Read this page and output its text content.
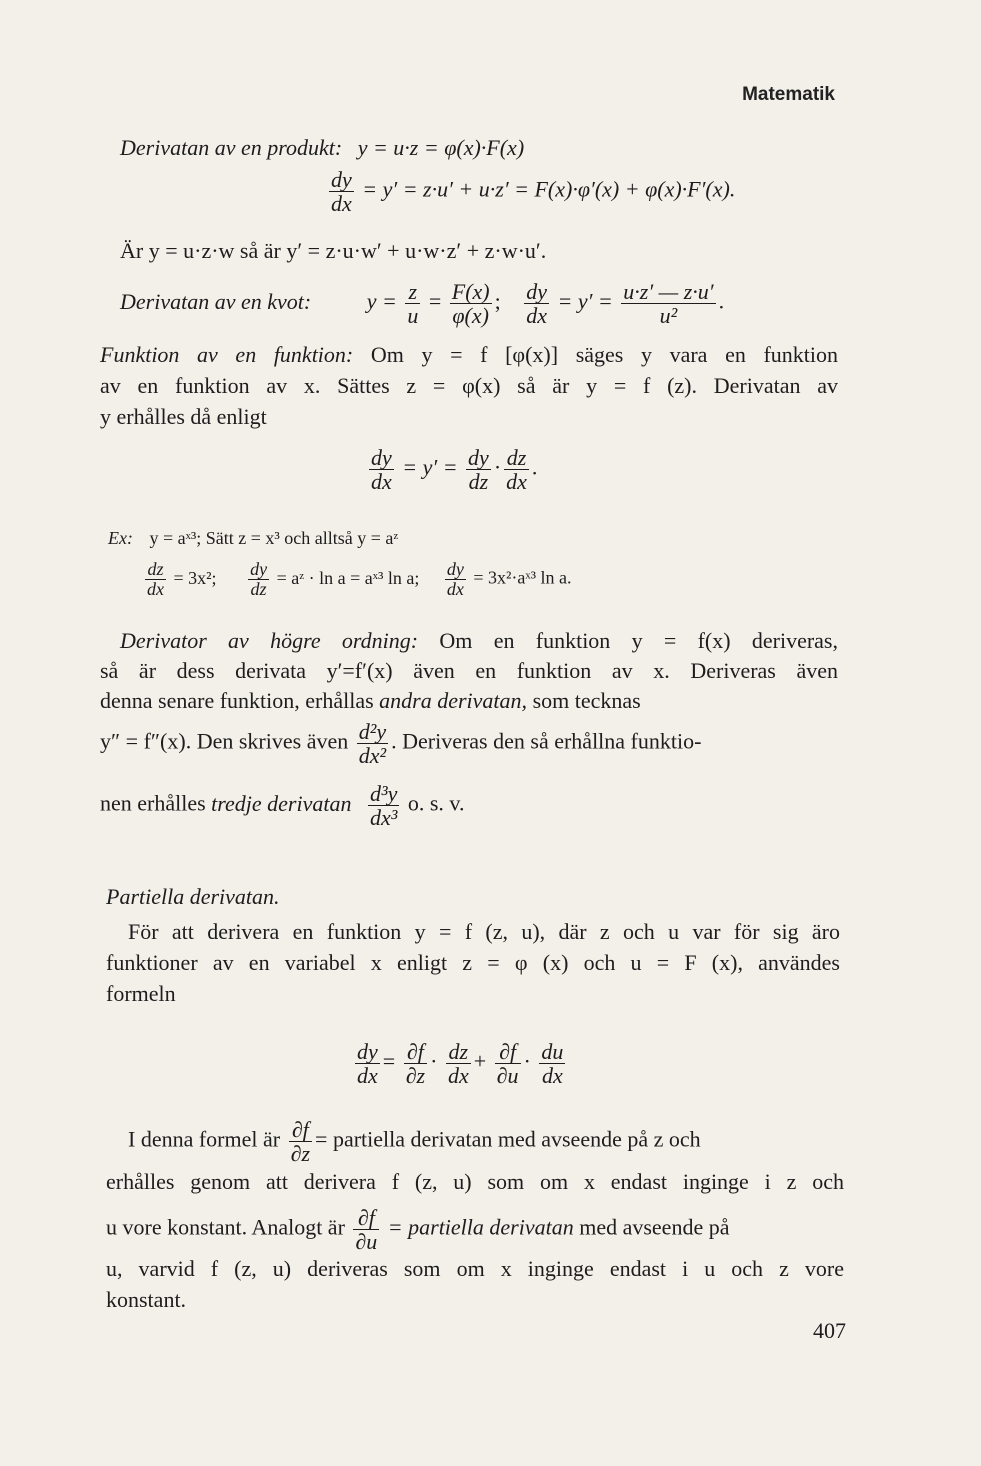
Matematik
Derivatan av en produkt: y = u·z = φ(x)·F(x)
$\frac{dy}{dx} = y' = z\cdot u' + u\cdot z' = F(x)\cdot\varphi'(x) + \varphi(x)\cdot F'(x)$.
Är y = u·z·w så är y′ = z·u·w′ + u·w·z′ + z·w·u′.
Derivatan av en kvot:	$y = \frac{z}{u} = \frac{F(x)}{\varphi(x)}$ ; $\frac{dy}{dx} = y' = \frac{u\cdot z' — z\cdot u'}{\text{u²}}$ .
Funktion av en funktion: Om y = f [φ(x)] säges y vara en funktion
av en funktion av x. Sättes z = φ(x) så är y = f (z). Derivatan av
y erhålles då enligt
$\frac{dy}{dx} = y' = \frac{dy}{dz} \cdot \frac{dz}{dx}$ .
Ex: y = aˣ³; Sätt z = x³ och alltså y = aᶻ
$\frac{dz}{dx} = 3x^2$; $\frac{dy}{dz}$ = aᶻ · ln a = aˣ³ ln a; $\frac{dy}{dx}$ = 3x²·aˣ³ ln a.
Derivator av högre ordning: Om en funktion y = f(x) deriveras,
så är dess derivata y′=f′(x) även en funktion av x. Deriveras även
denna senare funktion, erhållas andra derivatan, som tecknas
y″ = f″(x). Den skrives även $\frac{\text{d²y}}{\text{dx²}}$ . Deriveras den så erhållna funktio-
nen erhålles tredje derivatan $\frac{\text{d³y}}{\text{dx³}} o$. s. v.
Partiella derivatan.
För att derivera en funktion y = f (z, u), där z och u var för sig äro
funktioner av en variabel x enligt z = φ (x) och u = F (x), användes
formeln
$\frac{dy}{dx} = \frac{\partial f}{\partial z} \cdot \frac{dz}{dx} + \frac{\partial f}{\partial u} \cdot \frac{du}{dx}$
I denna formel är $\frac{\partial f}{\partial z}$ = partiella derivatan med avseende på z och
erhålles genom att derivera f (z, u) som om x endast inginge i z och
u vore konstant. Analogt är $\frac{\partial f}{\partial u}$ = partiella derivatan med avseende på
u, varvid f (z, u) deriveras som om x inginge endast i u och z vore
konstant.
407
